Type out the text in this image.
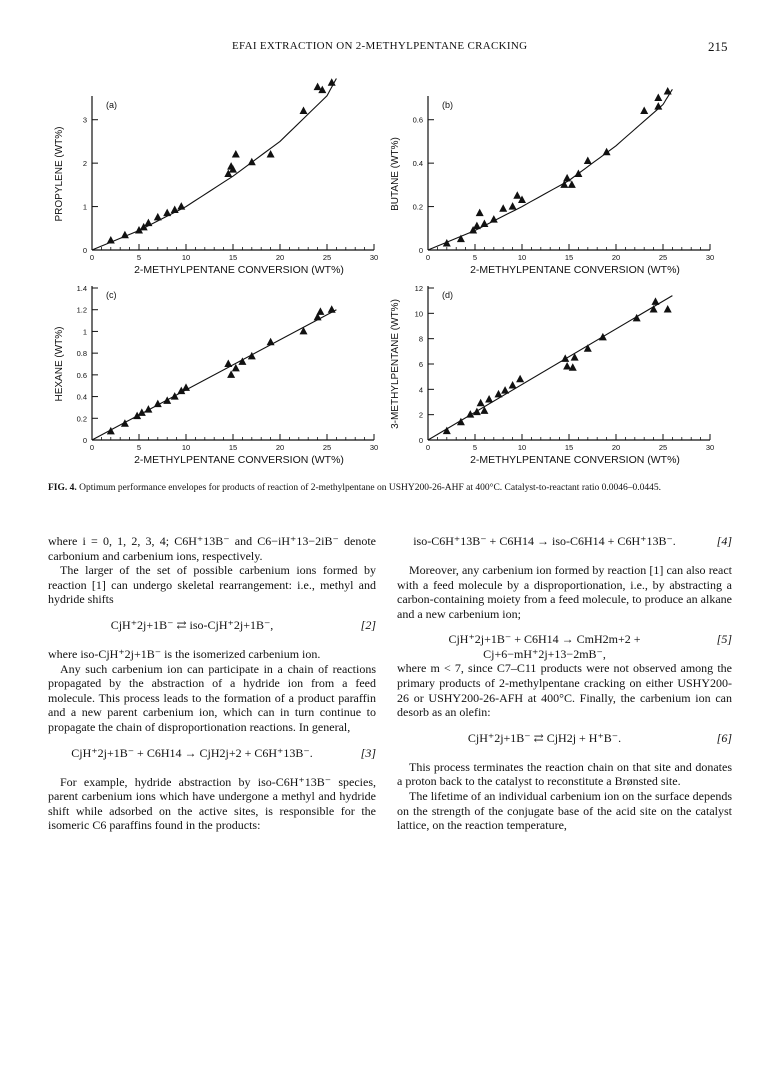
EFAI EXTRACTION ON 2-METHYLPENTANE CRACKING	215
0	5	10	15	20	25	30
0
1
2
3
(a)
2-METHYLPENTANE CONVERSION (WT%)
PROPYLENE (WT%)
0	5	10	15	20	25	30
0
0.2
0.4
0.6
(b)
2-METHYLPENTANE CONVERSION (WT%)
BUTANE (WT%)
0	5	10	15	20	25	30
0
0.2
0.4
0.6
0.8
1
1.2
1.4
(c)
2-METHYLPENTANE CONVERSION (WT%)
HEXANE (WT%)
0	5	10	15	20	25	30
0
2
4
6
8
10
12
(d)
2-METHYLPENTANE CONVERSION (WT%)
3-METHYLPENTANE (WT%)
FIG. 4. Optimum performance envelopes for products of reaction of 2-methylpentane on USHY200-26-AHF at 400°C. Catalyst-to-reactant ratio 0.0046–0.0445.

where i = 0, 1, 2, 3, 4; C6H⁺13B⁻ and C6−iH⁺13−2iB⁻ denote carbonium and carbenium ions, respectively.

The larger of the set of possible carbenium ions formed by reaction [1] can undergo skeletal rearrangement: i.e., methyl and hydride shifts

CjH⁺2j+1B⁻ ⇄ iso-CjH⁺2j+1B⁻,	[2]

where iso-CjH⁺2j+1B⁻ is the isomerized carbenium ion.

Any such carbenium ion can participate in a chain of reactions propagated by the abstraction of a hydride ion from a feed molecule. This process leads to the formation of a product paraffin and a new parent carbenium ion, which can in turn continue to propagate the chain of disproportionation reactions. In general,

CjH⁺2j+1B⁻ + C6H14 → CjH2j+2 + C6H⁺13B⁻.	[3]

For example, hydride abstraction by iso-C6H⁺13B⁻ species, parent carbenium ions which have undergone a methyl and hydride shift while adsorbed on the active sites, is responsible for the isomeric C6 paraffins found in the products:

iso-C6H⁺13B⁻ + C6H14 → iso-C6H14 + C6H⁺13B⁻.	[4]

Moreover, any carbenium ion formed by reaction [1] can also react with a feed molecule by a disproportionation, i.e., by abstracting a carbon-containing moiety from a feed molecule, to produce an alkane and a new carbenium ion;

CjH⁺2j+1B⁻ + C6H14 → CmH2m+2 + Cj+6−mH⁺2j+13−2mB⁻,
[5]

where m < 7, since C7–C11 products were not observed among the primary products of 2-methylpentane cracking on either USHY200-26 or USHY200-26-AFH at 400°C. Finally, the carbenium ion can desorb as an olefin:

CjH⁺2j+1B⁻ ⇄ CjH2j + H⁺B⁻.	[6]

This process terminates the reaction chain on that site and donates a proton back to the catalyst to reconstitute a Brønsted site.

The lifetime of an individual carbenium ion on the surface depends on the strength of the conjugate base of the acid site on the catalyst lattice, on the reaction temperature,
